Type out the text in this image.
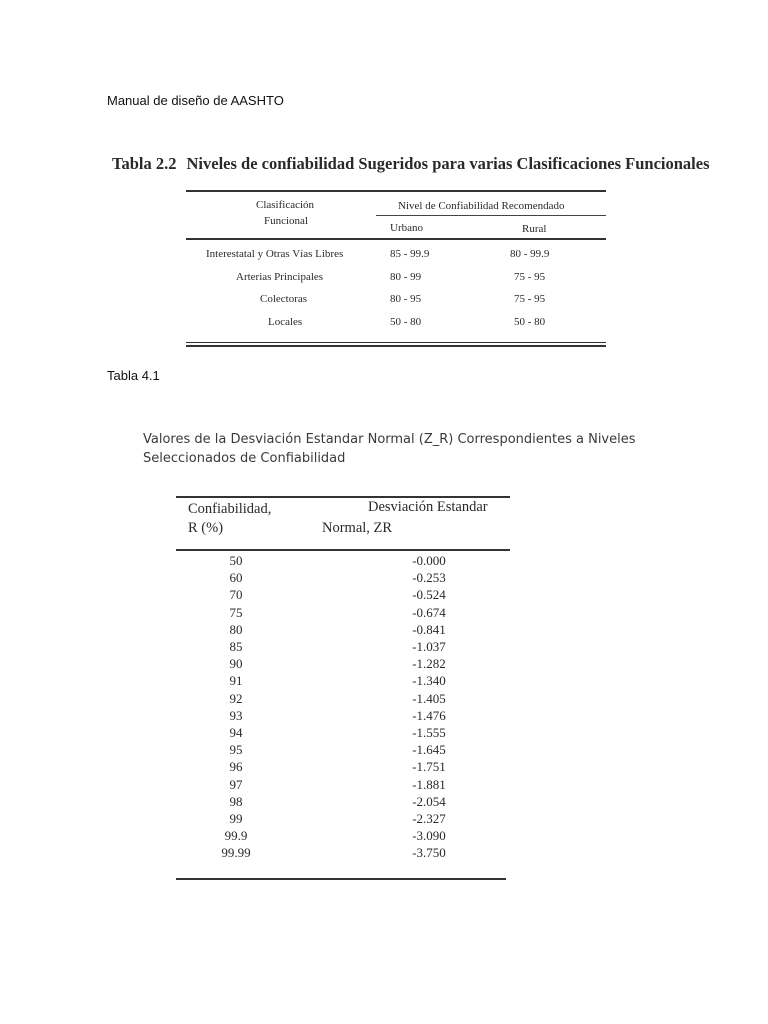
Manual de diseño de AASHTO
Tabla 2.2 Niveles de confiabilidad Sugeridos para varias Clasificaciones Funcionales
Clasificación
Funcional
Nivel de Confiabilidad Recomendado
Urbano	Rural
Interestatal y Otras Vías Libres	85 - 99.9	80 - 99.9
Arterias Principales	80 - 99	75 - 95
Colectoras	80 - 95	75 - 95
Locales	50 - 80	50 - 80
Tabla 4.1
Valores de la Desviación Estandar Normal (Z_R) Correspondientes a Niveles
Seleccionados de Confiabilidad
Confiabilidad,
R (%)
Desviación Estandar
Normal, ZR
50	-0.000
60	-0.253
70	-0.524
75	-0.674
80	-0.841
85	-1.037
90	-1.282
91	-1.340
92	-1.405
93	-1.476
94	-1.555
95	-1.645
96	-1.751
97	-1.881
98	-2.054
99	-2.327
99.9	-3.090
99.99	-3.750
